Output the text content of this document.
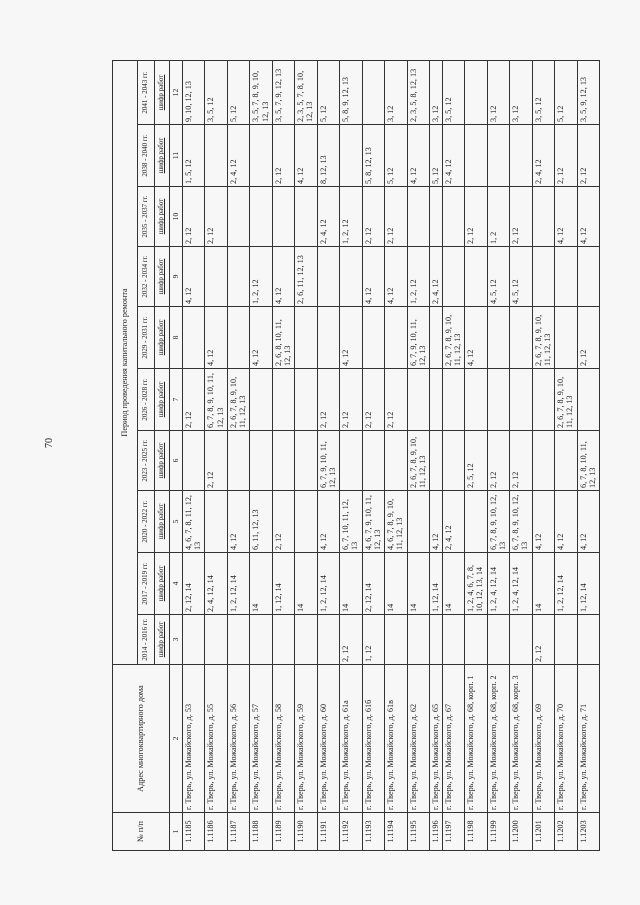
70
№ п/п	Адрес многоквартирного дома	Период проведения капитального ремонта									
		2014 - 2016 гг.	2017 - 2019 гг.	2020 - 2022 гг.	2023 - 2025 гг.	2026 - 2028 гг.	2029 - 2031 гг.	2032 - 2034 гг.	2035 - 2037 гг.	2038 - 2040 гг.	2041 - 2043 гг.
		шифр работ	шифр работ	шифр работ	шифр работ	шифр работ	шифр работ	шифр работ	шифр работ	шифр работ	шифр работ
1	2	3	4	5	6	7	8	9	10	11	12
1.1185	г. Тверь, ул. Можайского, д. 53		2, 12, 14	4, 6, 7, 8, 11, 12, 13		2, 12		4, 12	2, 12	1, 5, 12	9, 10, 12, 13
1.1186	г. Тверь, ул. Можайского, д. 55		2, 4, 12, 14		2, 12	6, 7, 8, 9, 10, 11, 12, 13	4, 12		2, 12		3, 5, 12
1.1187	г. Тверь, ул. Можайского, д. 56		1, 2, 12, 14	4, 12		2, 6, 7, 8, 9, 10, 11, 12, 13				2, 4, 12	5, 12
1.1188	г. Тверь, ул. Можайского, д. 57		14	6, 11, 12, 13			4, 12	1, 2, 12			3, 5, 7, 8, 9, 10, 12, 13
1.1189	г. Тверь, ул. Можайского, д. 58		1, 12, 14	2, 12			2, 6, 8, 10, 11, 12, 13	4, 12		2, 12	3, 5, 7, 9, 12, 13
1.1190	г. Тверь, ул. Можайского, д. 59		14					2, 6, 11, 12, 13		4, 12	2, 3, 5, 7, 8, 10, 12, 13
1.1191	г. Тверь, ул. Можайского, д. 60		1, 2, 12, 14	4, 12	6, 7, 9, 10, 11, 12, 13	2, 12			2, 4, 12	8, 12, 13	5, 12
1.1192	г. Тверь, ул. Можайского, д. 61а	2, 12	14	6, 7, 10, 11, 12, 13		2, 12	4, 12		1, 2, 12		5, 8, 9, 12, 13
1.1193	г. Тверь, ул. Можайского, д. 61б	1, 12	2, 12, 14	4, 6, 7, 9, 10, 11, 12, 13		2, 12		4, 12	2, 12	5, 8, 12, 13	
1.1194	г. Тверь, ул. Можайского, д. 61в		14	4, 6, 7, 8, 9, 10, 11, 12, 13		2, 12		4, 12	2, 12	5, 12	3, 12
1.1195	г. Тверь, ул. Можайского, д. 62		14		2, 6, 7, 8, 9, 10, 11, 12, 13		6, 7, 9, 10, 11, 12, 13	1, 2, 12		4, 12	2, 3, 5, 8, 12, 13
1.1196	г. Тверь, ул. Можайского, д. 65		1, 12, 14	4, 12				2, 4, 12		5, 12	3, 12
1.1197	г. Тверь, ул. Можайского, д. 67		14	2, 4, 12			2, 6, 7, 8, 9, 10, 11, 12, 13			2, 4, 12	3, 5, 12
1.1198	г. Тверь, ул. Можайского, д. 68, корп. 1		1, 2, 4, 6, 7, 8, 10, 12, 13, 14		2, 5, 12		4, 12		2, 12		
1.1199	г. Тверь, ул. Можайского, д. 68, корп. 2		1, 2, 4, 12, 14	6, 7, 8, 9, 10, 12, 13	2, 12			4, 5, 12	1, 2		3, 12
1.1200	г. Тверь, ул. Можайского, д. 68, корп. 3		1, 2, 4, 12, 14	6, 7, 8, 9, 10, 12, 13	2, 12			4, 5, 12	2, 12		3, 12
1.1201	г. Тверь, ул. Можайского, д. 69	2, 12	14	4, 12			2, 6, 7, 8, 9, 10, 11, 12, 13			2, 4, 12	3, 5, 12
1.1202	г. Тверь, ул. Можайского, д. 70		1, 2, 12, 14	4, 12		2, 6, 7, 8, 9, 10, 11, 12, 13			4, 12	2, 12	5, 12
1.1203	г. Тверь, ул. Можайского, д. 71		1, 12, 14	4, 12	6, 7, 8, 10, 11, 12, 13		2, 12		4, 12	2, 12	3, 5, 9, 12, 13
